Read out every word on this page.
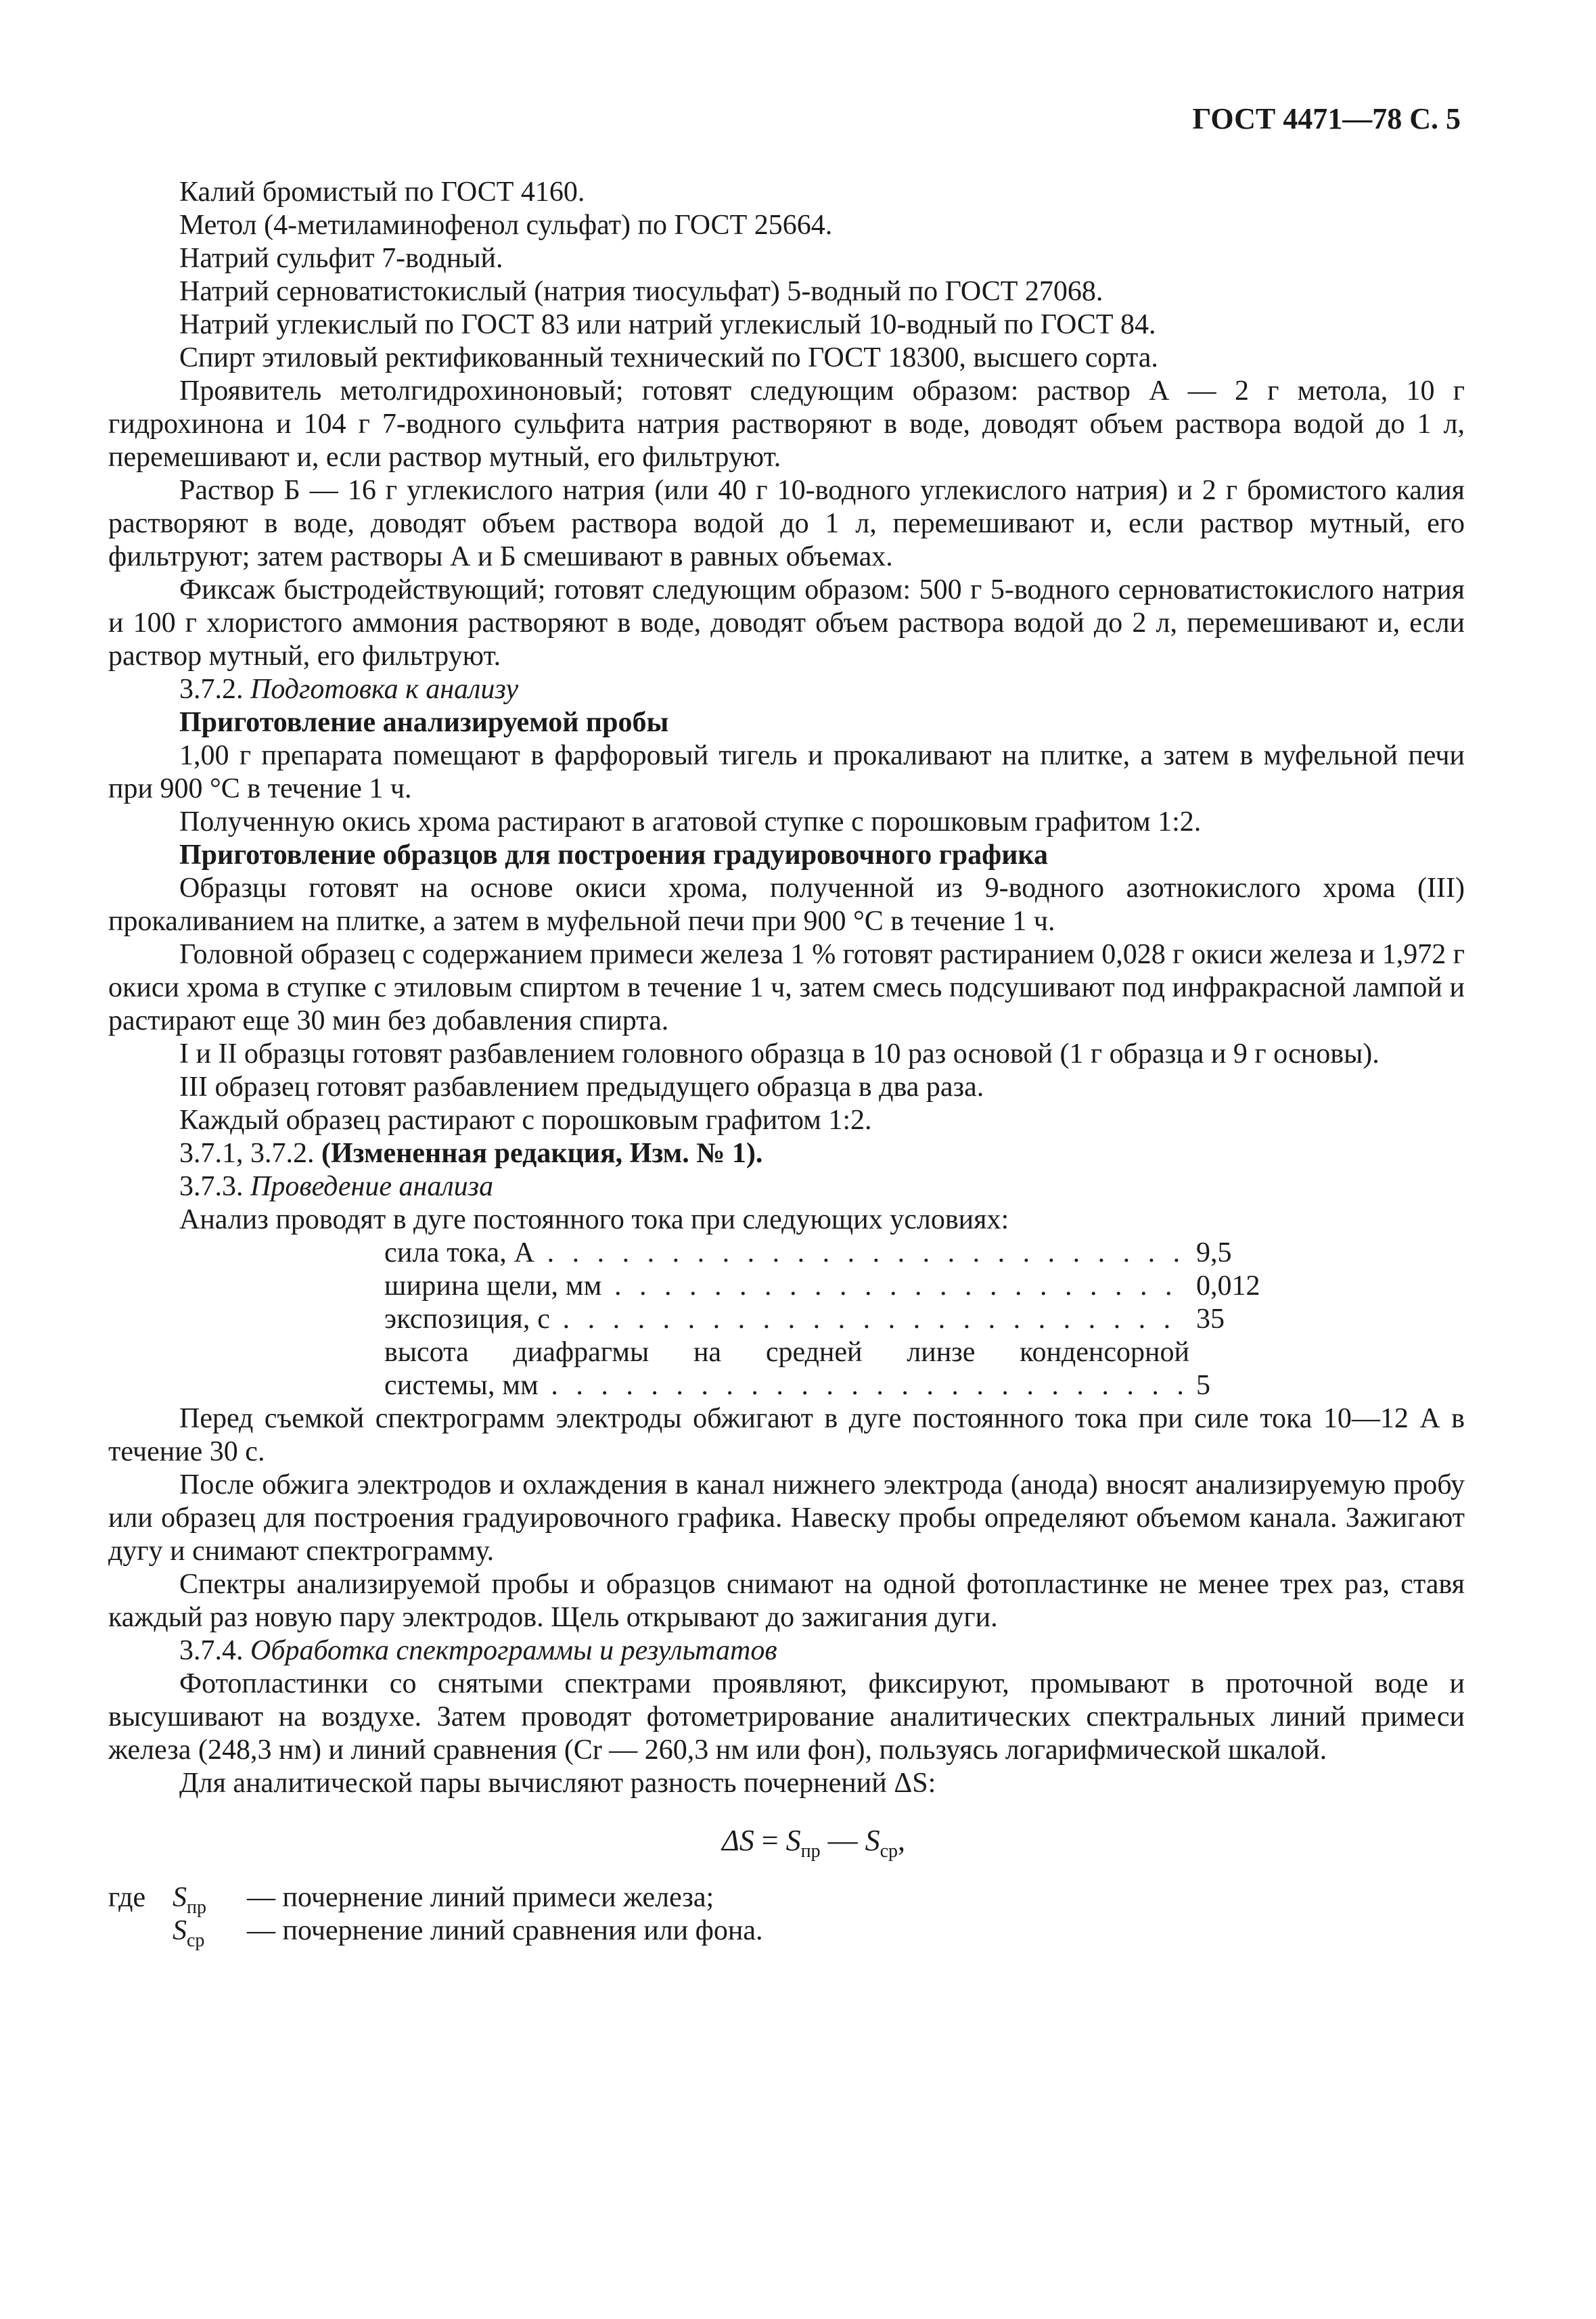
ГОСТ 4471—78 С. 5

Калий бромистый по ГОСТ 4160.

Метол (4-метиламинофенол сульфат) по ГОСТ 25664.

Натрий сульфит 7-водный.

Натрий серноватистокислый (натрия тиосульфат) 5-водный по ГОСТ 27068.

Натрий углекислый по ГОСТ 83 или натрий углекислый 10-водный по ГОСТ 84.

Спирт этиловый ректификованный технический по ГОСТ 18300, высшего сорта.

Проявитель метолгидрохиноновый; готовят следующим образом: раствор А — 2 г метола, 10 г гидрохинона и 104 г 7-водного сульфита натрия растворяют в воде, доводят объем раствора водой до 1 л, перемешивают и, если раствор мутный, его фильтруют.

Раствор Б — 16 г углекислого натрия (или 40 г 10-водного углекислого натрия) и 2 г бромистого калия растворяют в воде, доводят объем раствора водой до 1 л, перемешивают и, если раствор мутный, его фильтруют; затем растворы А и Б смешивают в равных объемах.

Фиксаж быстродействующий; готовят следующим образом: 500 г 5-водного серноватистокислого натрия и 100 г хлористого аммония растворяют в воде, доводят объем раствора водой до 2 л, перемешивают и, если раствор мутный, его фильтруют.

3.7.2. Подготовка к анализу

Приготовление анализируемой пробы

1,00 г препарата помещают в фарфоровый тигель и прокаливают на плитке, а затем в муфельной печи при 900 °С в течение 1 ч.

Полученную окись хрома растирают в агатовой ступке с порошковым графитом 1:2.

Приготовление образцов для построения градуировочного графика

Образцы готовят на основе окиси хрома, полученной из 9-водного азотнокислого хрома (III) прокаливанием на плитке, а затем в муфельной печи при 900 °С в течение 1 ч.

Головной образец с содержанием примеси железа 1 % готовят растиранием 0,028 г окиси железа и 1,972 г окиси хрома в ступке с этиловым спиртом в течение 1 ч, затем смесь подсушивают под инфракрасной лампой и растирают еще 30 мин без добавления спирта.

I и II образцы готовят разбавлением головного образца в 10 раз основой (1 г образца и 9 г основы).

III образец готовят разбавлением предыдущего образца в два раза.

Каждый образец растирают с порошковым графитом 1:2.

3.7.1, 3.7.2. (Измененная редакция, Изм. № 1).

3.7.3. Проведение анализа

Анализ проводят в дуге постоянного тока при следующих условиях:

сила тока, А . . .	9,5
ширина щели, мм . . .	0,012
экспозиция, с . . .	35
высота диафрагмы на средней линзе конденсорной
системы, мм . . .	5

Перед съемкой спектрограмм электроды обжигают в дуге постоянного тока при силе тока 10—12 А в течение 30 с.

После обжига электродов и охлаждения в канал нижнего электрода (анода) вносят анализируемую пробу или образец для построения градуировочного графика. Навеску пробы определяют объемом канала. Зажигают дугу и снимают спектрограмму.

Спектры анализируемой пробы и образцов снимают на одной фотопластинке не менее трех раз, ставя каждый раз новую пару электродов. Щель открывают до зажигания дуги.

3.7.4. Обработка спектрограммы и результатов

Фотопластинки со снятыми спектрами проявляют, фиксируют, промывают в проточной воде и высушивают на воздухе. Затем проводят фотометрирование аналитических спектральных линий примеси железа (248,3 нм) и линий сравнения (Cr — 260,3 нм или фон), пользуясь логарифмической шкалой.

Для аналитической пары вычисляют разность почернений ΔS:

$\Delta S = S_{пр}$ — $S_{ср}$,
где $S_{пр}$	— почернение линий примеси железа;
$S_{ср}$	— почернение линий сравнения или фона.
